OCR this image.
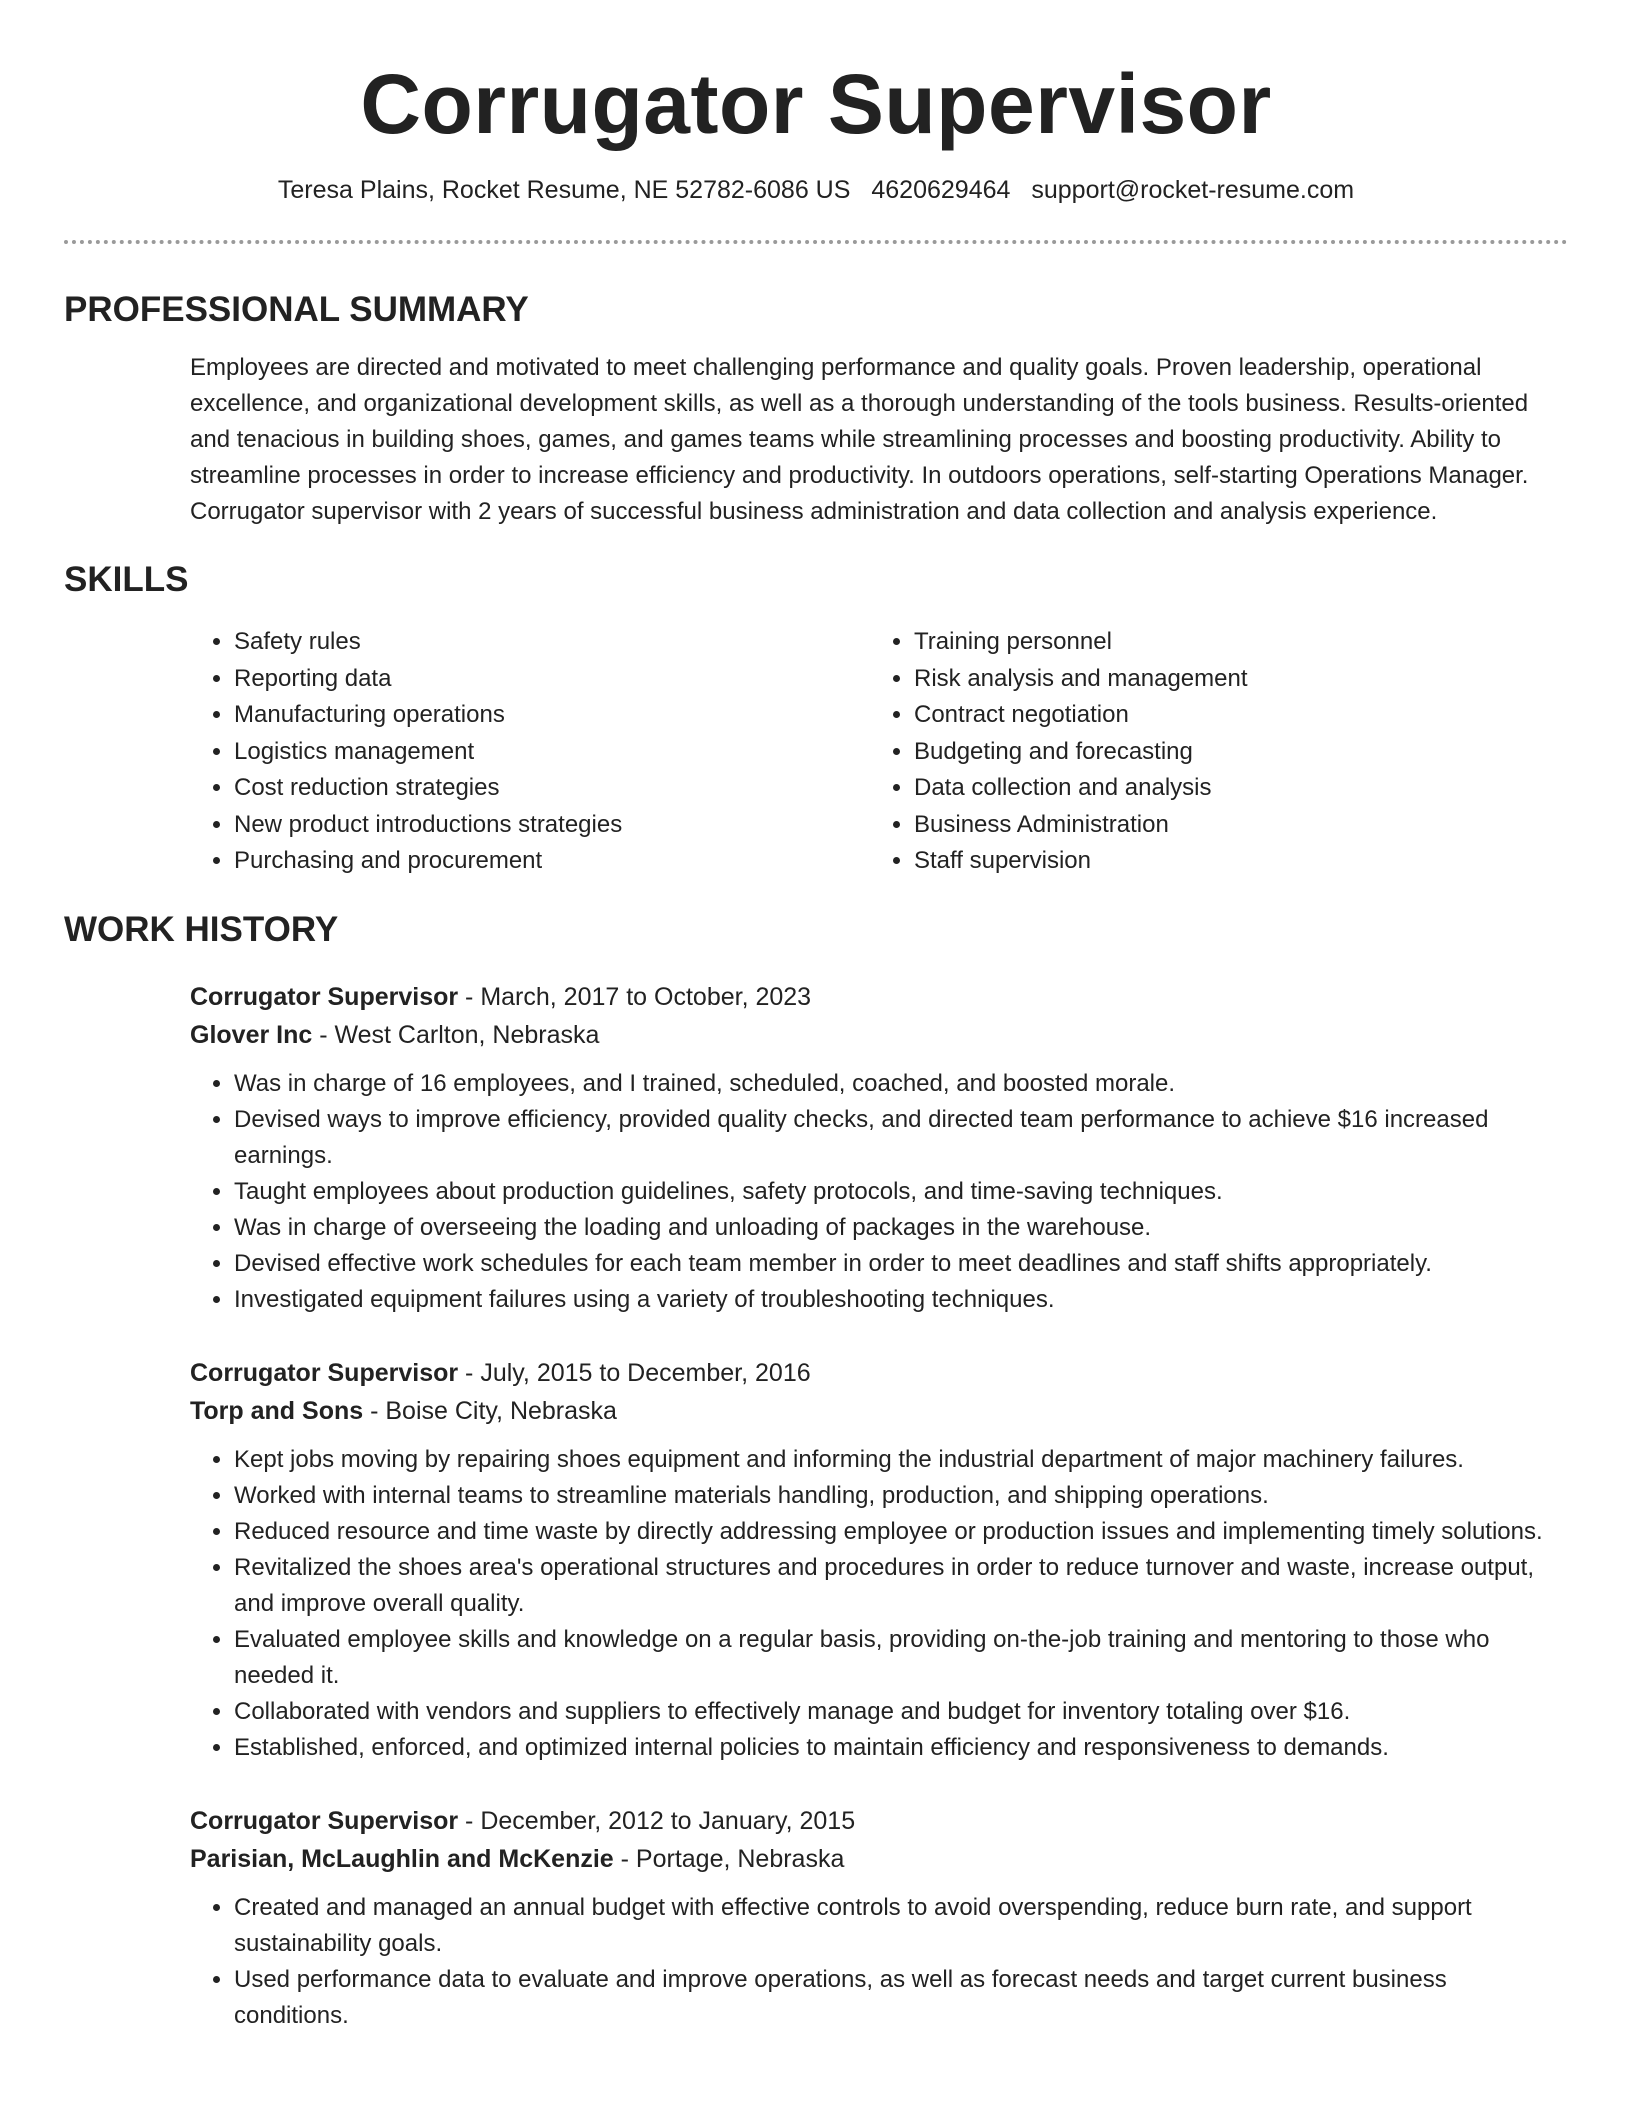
Corrugator Supervisor
Teresa Plains, Rocket Resume, NE 52782-6086 US 4620629464 support@rocket-resume.com
PROFESSIONAL SUMMARY
Employees are directed and motivated to meet challenging performance and quality goals. Proven leadership, operational excellence, and organizational development skills, as well as a thorough understanding of the tools business. Results-oriented and tenacious in building shoes, games, and games teams while streamlining processes and boosting productivity. Ability to streamline processes in order to increase efficiency and productivity. In outdoors operations, self-starting Operations Manager. Corrugator supervisor with 2 years of successful business administration and data collection and analysis experience.
SKILLS
• Safety rules
• Reporting data
• Manufacturing operations
• Logistics management
• Cost reduction strategies
• New product introductions strategies
• Purchasing and procurement
• Training personnel
• Risk analysis and management
• Contract negotiation
• Budgeting and forecasting
• Data collection and analysis
• Business Administration
• Staff supervision
WORK HISTORY
Corrugator Supervisor - March, 2017 to October, 2023
Glover Inc - West Carlton, Nebraska
• Was in charge of 16 employees, and I trained, scheduled, coached, and boosted morale.
• Devised ways to improve efficiency, provided quality checks, and directed team performance to achieve $16 increased earnings.
• Taught employees about production guidelines, safety protocols, and time-saving techniques.
• Was in charge of overseeing the loading and unloading of packages in the warehouse.
• Devised effective work schedules for each team member in order to meet deadlines and staff shifts appropriately.
• Investigated equipment failures using a variety of troubleshooting techniques.
Corrugator Supervisor - July, 2015 to December, 2016
Torp and Sons - Boise City, Nebraska
• Kept jobs moving by repairing shoes equipment and informing the industrial department of major machinery failures.
• Worked with internal teams to streamline materials handling, production, and shipping operations.
• Reduced resource and time waste by directly addressing employee or production issues and implementing timely solutions.
• Revitalized the shoes area's operational structures and procedures in order to reduce turnover and waste, increase output, and improve overall quality.
• Evaluated employee skills and knowledge on a regular basis, providing on-the-job training and mentoring to those who needed it.
• Collaborated with vendors and suppliers to effectively manage and budget for inventory totaling over $16.
• Established, enforced, and optimized internal policies to maintain efficiency and responsiveness to demands.
Corrugator Supervisor - December, 2012 to January, 2015
Parisian, McLaughlin and McKenzie - Portage, Nebraska
• Created and managed an annual budget with effective controls to avoid overspending, reduce burn rate, and support sustainability goals.
• Used performance data to evaluate and improve operations, as well as forecast needs and target current business conditions.
